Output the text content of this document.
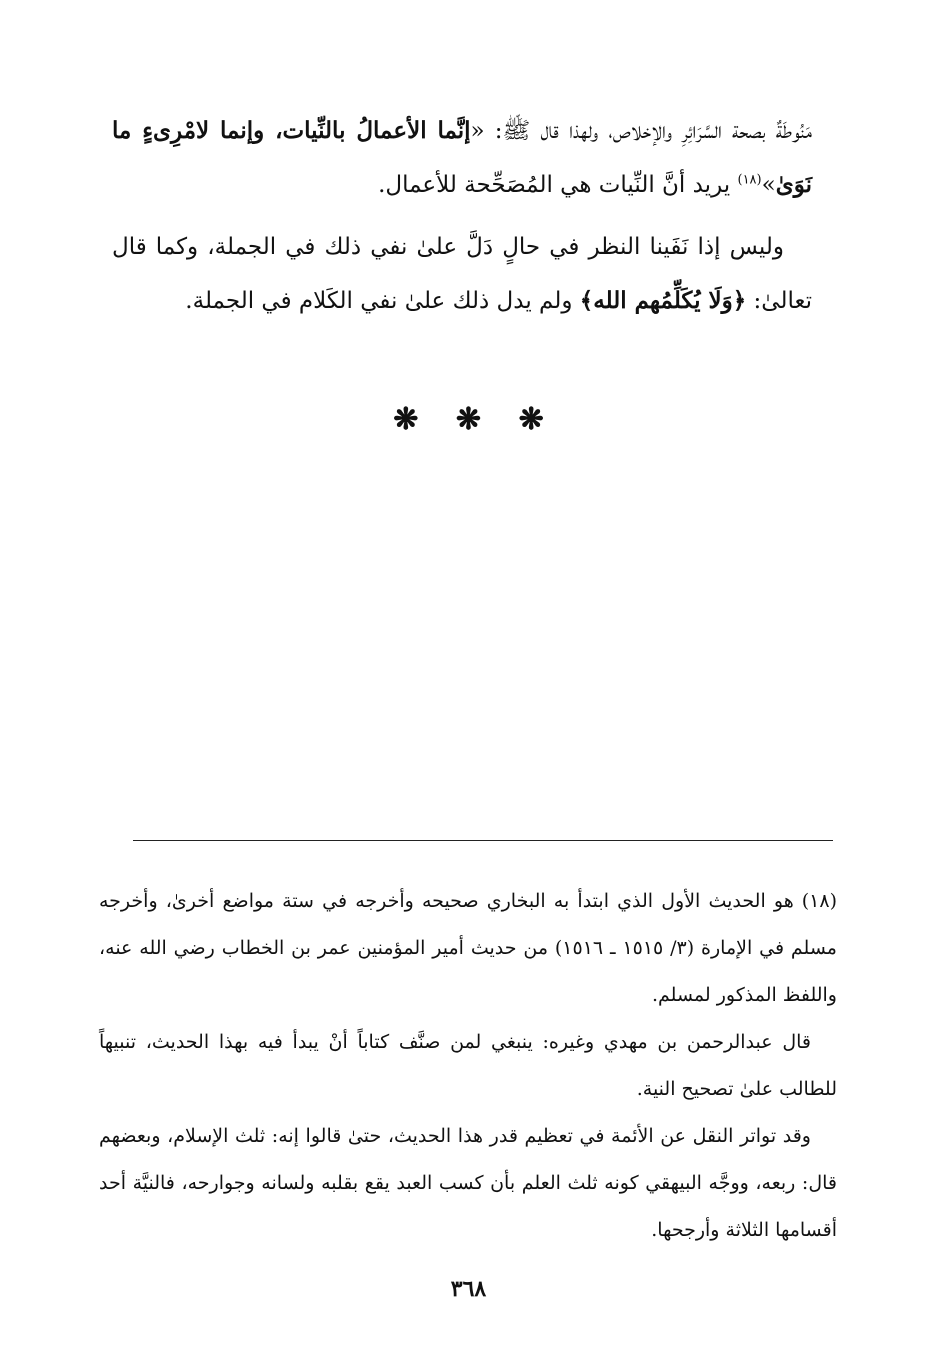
مَنُوطَةٌ بصحة السَّرَائِرِ والإخلاص، ولهذا قال ﷺ: «إنَّما الأعمالُ بالنِّيات، وإنما لامْرِىءٍ ما نَوَىٰ»$^{(١٨)}$ يريد أنَّ النِّيات هي المُصَحِّحة للأعمال.

وليس إذا نَفَينا النظر في حالٍ دَلَّ علىٰ نفي ذلك في الجملة، وكما قال تعالىٰ: ﴿وَلَا يُكَلِّمُهم الله﴾ ولم يدل ذلك علىٰ نفي الكَلام في الجملة.

❋ ❋ ❋

(١٨)هو الحديث الأول الذي ابتدأ به البخاري صحيحه وأخرجه في ستة مواضع أخرىٰ، وأخرجه مسلم في الإمارة (٣/ ١٥١٥ ـ ١٥١٦) من حديث أمير المؤمنين عمر بن الخطاب رضي الله عنه، واللفظ المذكور لمسلم.

قال عبدالرحمن بن مهدي وغيره: ينبغي لمن صنَّف كتاباً أنْ يبدأ فيه بهذا الحديث، تنبيهاً للطالب علىٰ تصحيح النية.

وقد تواتر النقل عن الأئمة في تعظيم قدر هذا الحديث، حتىٰ قالوا إنه: ثلث الإسلام، وبعضهم قال: ربعه، ووجَّه البيهقي كونه ثلث العلم بأن كسب العبد يقع بقلبه ولسانه وجوارحه، فالنيَّة أحد أقسامها الثلاثة وأرجحها.

٣٦٨
